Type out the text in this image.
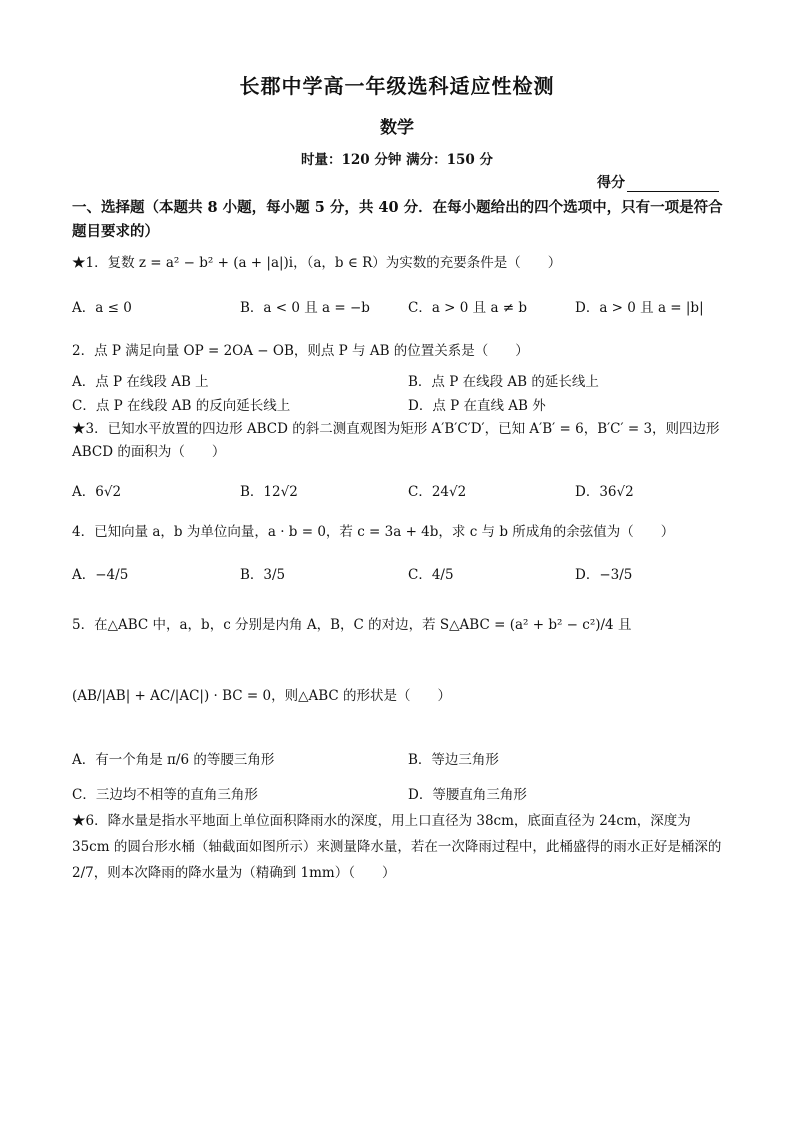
长郡中学高一年级选科适应性检测
数学
时量：120 分钟 满分：150 分
得分
一、选择题（本题共 8 小题，每小题 5 分，共 40 分．在每小题给出的四个选项中，只有一项是符合题目要求的）
★1．复数 z = a² − b² + (a + |a|)i，（a，b ∈ R）为实数的充要条件是（　　）
A．a ≤ 0	B．a < 0 且 a = −b	C．a > 0 且 a ≠ b	D．a > 0 且 a = |b|
2．点 P 满足向量 OP = 2OA − OB，则点 P 与 AB 的位置关系是（　　）
A．点 P 在线段 AB 上	B．点 P 在线段 AB 的延长线上
C．点 P 在线段 AB 的反向延长线上	D．点 P 在直线 AB 外
★3．已知水平放置的四边形 ABCD 的斜二测直观图为矩形 A′B′C′D′，已知 A′B′ = 6，B′C′ = 3，则四边形 ABCD 的面积为（　　）
A．6√2	B．12√2	C．24√2	D．36√2
4．已知向量 a，b 为单位向量，a · b = 0，若 c = 3a + 4b，求 c 与 b 所成角的余弦值为（　　）
A．−4/5	B．3/5	C．4/5	D．−3/5
5．在△ABC 中，a，b，c 分别是内角 A，B，C 的对边，若 S△ABC = (a² + b² − c²)/4 且
(AB/|AB| + AC/|AC|) · BC = 0，则△ABC 的形状是（　　）
A．有一个角是 π/6 的等腰三角形	B．等边三角形
C．三边均不相等的直角三角形	D．等腰直角三角形
★6．降水量是指水平地面上单位面积降雨水的深度，用上口直径为 38cm，底面直径为 24cm，深度为 35cm 的圆台形水桶（轴截面如图所示）来测量降水量，若在一次降雨过程中，此桶盛得的雨水正好是桶深的 2/7，则本次降雨的降水量为（精确到 1mm）（　　）
